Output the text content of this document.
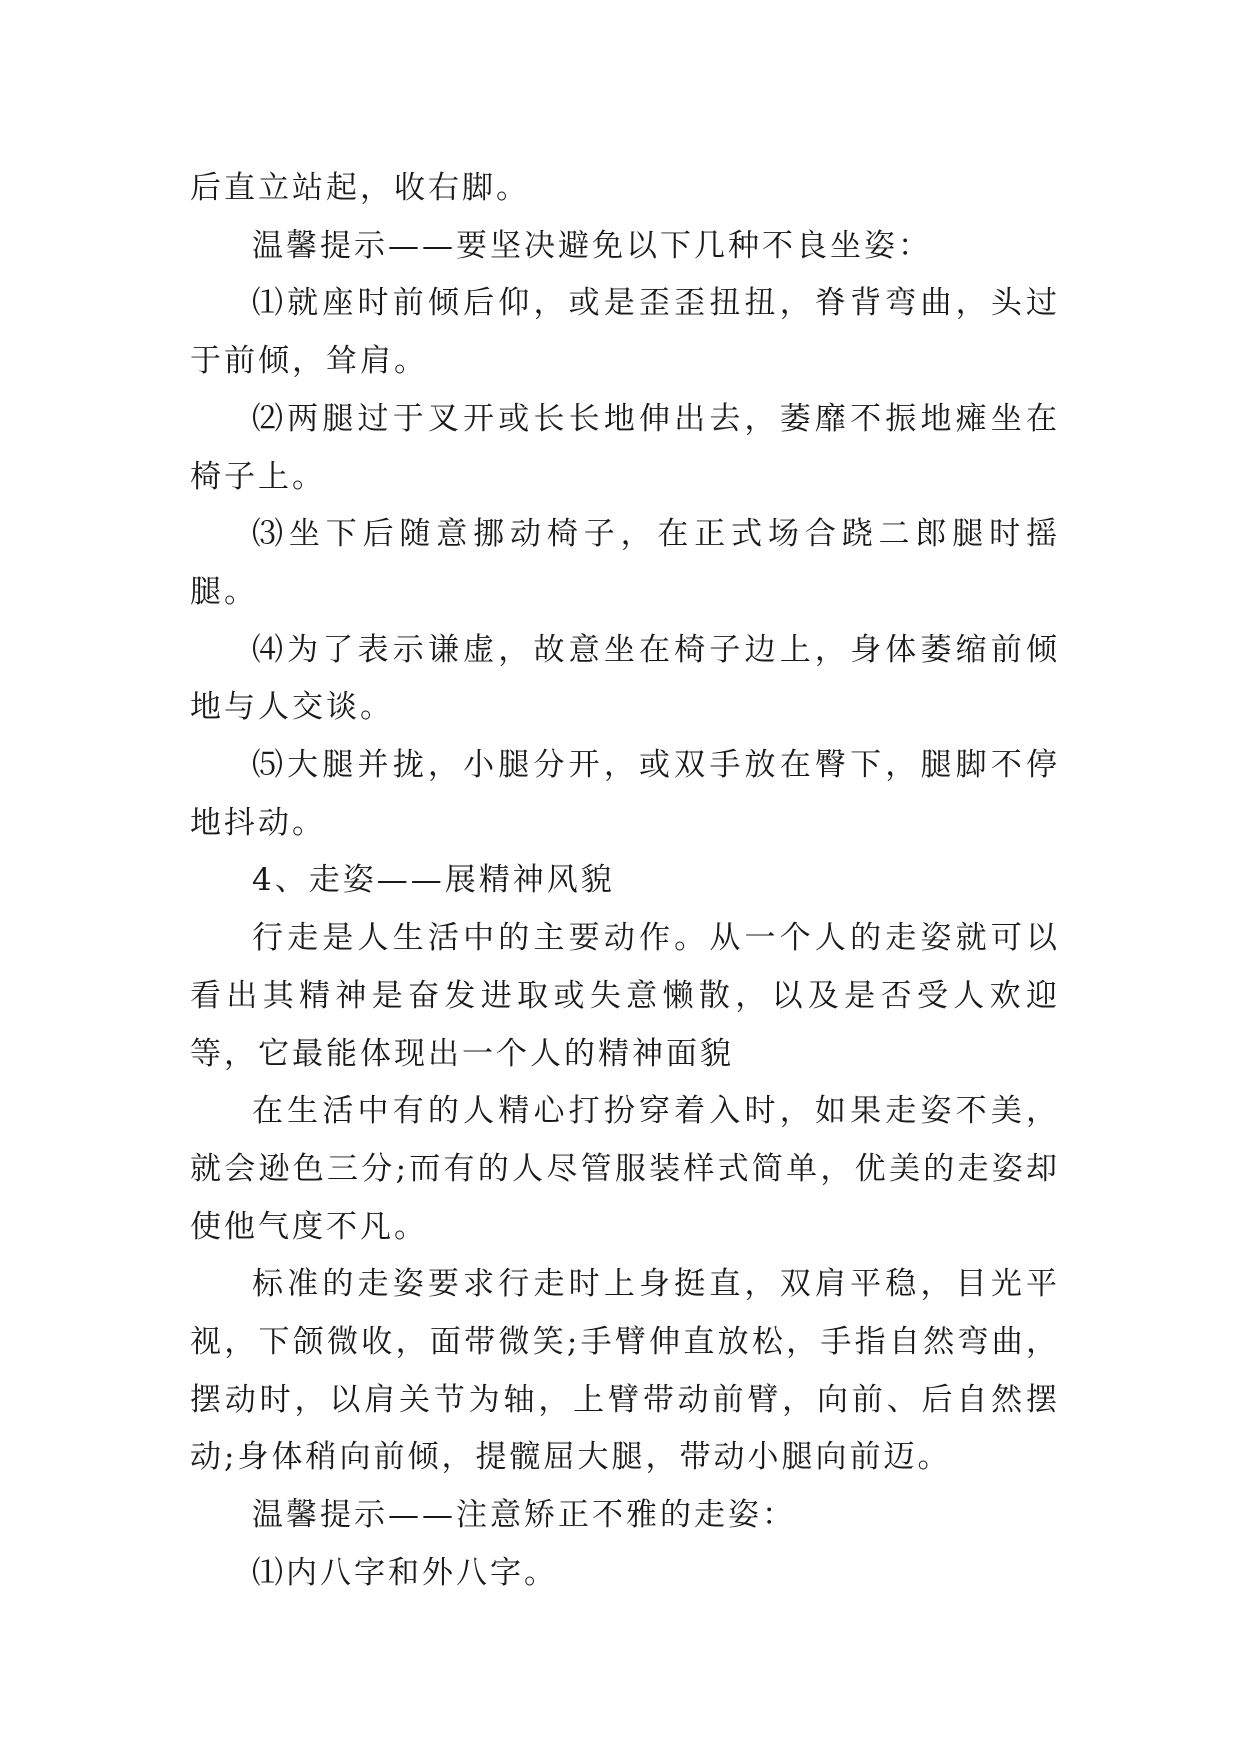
后直立站起，收右脚。

温馨提示——要坚决避免以下几种不良坐姿：

⑴就座时前倾后仰，或是歪歪扭扭，脊背弯曲，头过于前倾，耸肩。

⑵两腿过于叉开或长长地伸出去，萎靡不振地瘫坐在椅子上。

⑶坐下后随意挪动椅子，在正式场合跷二郎腿时摇腿。

⑷为了表示谦虚，故意坐在椅子边上，身体萎缩前倾地与人交谈。

⑸大腿并拢，小腿分开，或双手放在臀下，腿脚不停地抖动。

4、走姿——展精神风貌

行走是人生活中的主要动作。从一个人的走姿就可以看出其精神是奋发进取或失意懒散，以及是否受人欢迎等，它最能体现出一个人的精神面貌

在生活中有的人精心打扮穿着入时，如果走姿不美，就会逊色三分;而有的人尽管服装样式简单，优美的走姿却使他气度不凡。

标准的走姿要求行走时上身挺直，双肩平稳，目光平视，下颌微收，面带微笑;手臂伸直放松，手指自然弯曲，摆动时，以肩关节为轴，上臂带动前臂，向前、后自然摆动;身体稍向前倾，提髋屈大腿，带动小腿向前迈。

温馨提示——注意矫正不雅的走姿：

⑴内八字和外八字。
